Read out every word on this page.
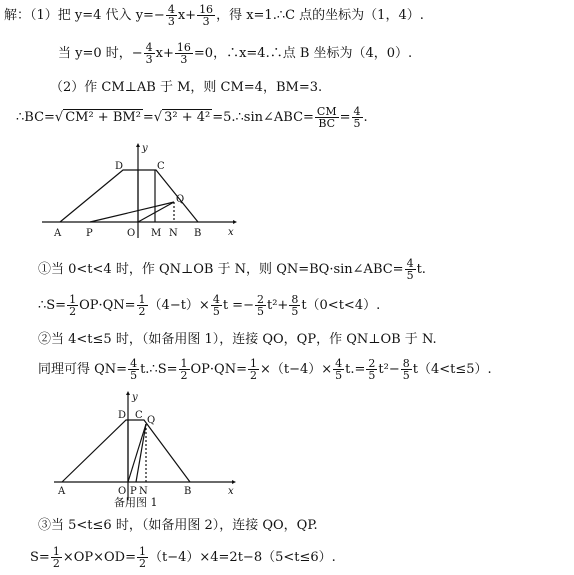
解：（1）把 y=4 代入 $y=- \frac{4}{3} x+ \frac{16}{3}$ ，得 x=1.∴C 点的坐标为（1，4）.
当 y=0 时，− $\frac{4}{3} x+ \frac{16}{3} =0$，∴x=4.∴点 B 坐标为（4，0）.
（2）作 CM⊥AB 于 M，则 CM=4，BM=3.
∴BC=√ CM² + BM² =√ 3² + 4² =5.∴sin∠ABC= $\frac{CM}{BC} = \frac{4}{5}$ .
y
x
D	C
Q
A P	O M N B
①当 0<t<4 时，作 QN⊥OB 于 N，则 QN=BQ·sin∠ABC= $\frac{4}{5} t$.
∴S= $\frac{1}{2} OP\cdot QN= \frac{1}{2} (4-t)\times \frac{4}{5}$ $t =- \frac{2}{5} t^2+ \frac{8}{5} t(0<t<4)$.
②当 4<t≤5 时，（如备用图 1），连接 QO，QP，作 QN⊥OB 于 N.
同理可得 $QN= \frac{4}{5}$ t.∴S= $\frac{1}{2} OP\cdot QN= \frac{1}{2} \times(t-4)\times \frac{4}{5} t.= \frac{2}{5} t^2- \frac{8}{5} t(4<t\le 5)$.
y
x
D C Q
A	O P N	B
备用图 1
③当 5<t≤6 时，（如备用图 2），连接 QO，QP.
$S= \frac{1}{2} \times OP\times OD= \frac{1}{2} (t-4)\times 4=2t-8(5<t\le 6)$.
